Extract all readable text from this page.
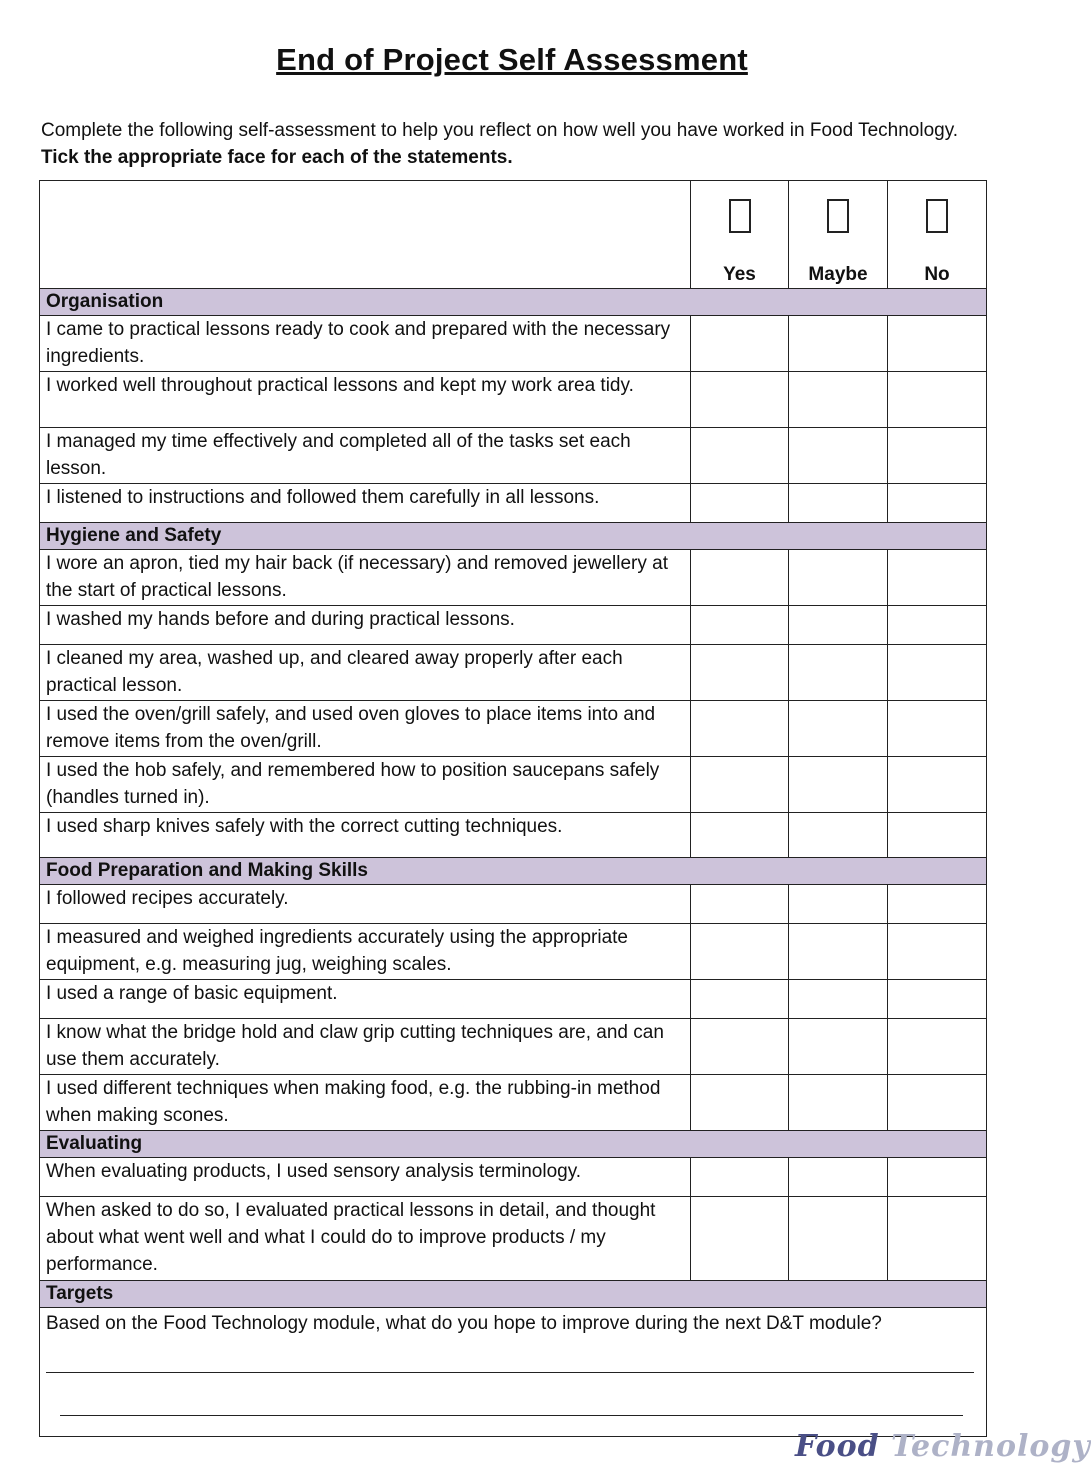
End of Project Self Assessment
Complete the following self-assessment to help you reflect on how well you have worked in Food Technology. Tick the appropriate face for each of the statements.

	Yes	Maybe	No

Organisation			
I came to practical lessons ready to cook and prepared with the necessary ingredients.			
I worked well throughout practical lessons and kept my work area tidy.			
I managed my time effectively and completed all of the tasks set each lesson.			
I listened to instructions and followed them carefully in all lessons.			
Hygiene and Safety			
I wore an apron, tied my hair back (if necessary) and removed jewellery at the start of practical lessons.			
I washed my hands before and during practical lessons.			
I cleaned my area, washed up, and cleared away properly after each practical lesson.			
I used the oven/grill safely, and used oven gloves to place items into and remove items from the oven/grill.			
I used the hob safely, and remembered how to position saucepans safely (handles turned in).			
I used sharp knives safely with the correct cutting techniques.			
Food Preparation and Making Skills			
I followed recipes accurately.			
I measured and weighed ingredients accurately using the appropriate equipment, e.g. measuring jug, weighing scales.			
I used a range of basic equipment.			
I know what the bridge hold and claw grip cutting techniques are, and can use them accurately.			
I used different techniques when making food, e.g. the rubbing-in method when making scones.			
Evaluating			
When evaluating products, I used sensory analysis terminology.			
When asked to do so, I evaluated practical lessons in detail, and thought about what went well and what I could do to improve products / my performance.			
Targets			

Based on the Food Technology module, what do you hope to improve during the next D&T module?			
Food Technology
